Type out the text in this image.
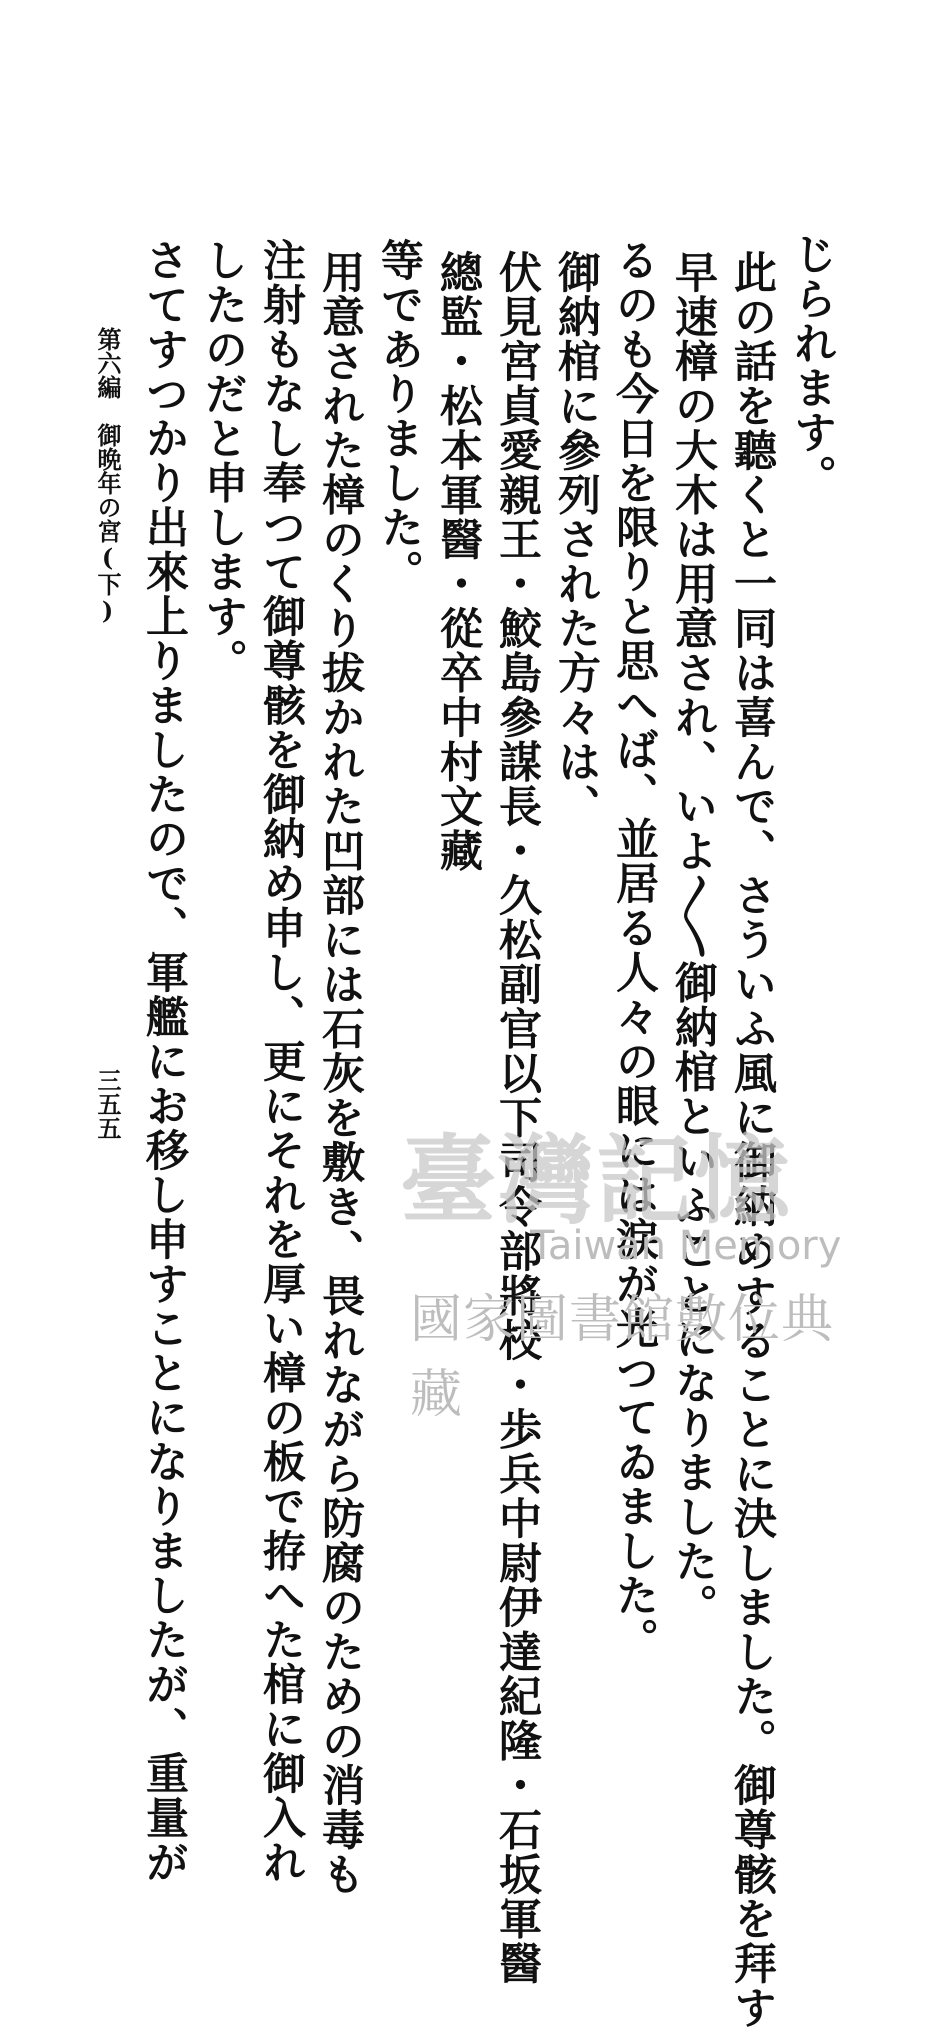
じられます。
此の話を聽くと一同は喜んで、さういふ風に御納めすることに決しました。御尊骸を拜す
早速樟の大木は用意され、いよ〳〵御納棺といふことになりました。
るのも今日を限りと思へば、並居る人々の眼には涙が光つてゐました。
御納棺に參列された方々は、
伏見宮貞愛親王・鮫島參謀長・久松副官以下司令部將校・歩兵中尉伊達紀隆・石坂軍醫
總監・松本軍醫・從卒中村文藏
等でありました。
用意された樟のくり拔かれた凹部には石灰を敷き、畏れながら防腐のための消毒も
注射もなし奉つて御尊骸を御納め申し、更にそれを厚い樟の板で拵へた棺に御入れ
したのだと申します。
さてすつかり出來上りましたので、軍艦にお移し申すことになりましたが、重量が
第六編　御晩年の宮(下)
三五五
臺灣記憶
Taiwan Memory
國家圖書館數位典藏
